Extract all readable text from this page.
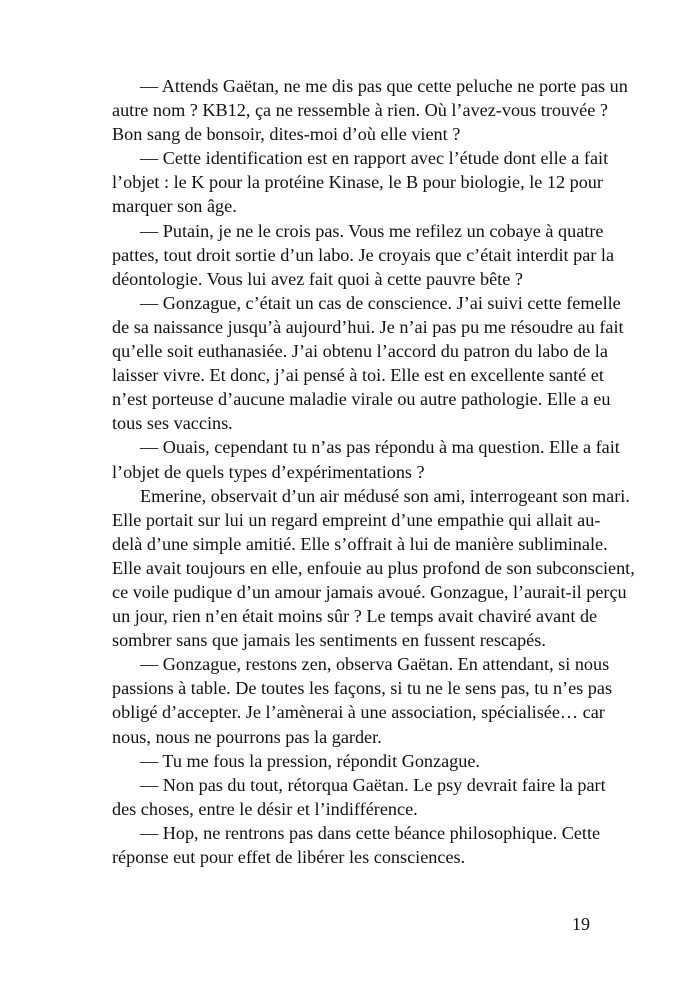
— Attends Gaëtan, ne me dis pas que cette peluche ne porte pas un
autre nom ? KB12, ça ne ressemble à rien. Où l’avez-vous trouvée ?
Bon sang de bonsoir, dites-moi d’où elle vient ?
— Cette identification est en rapport avec l’étude dont elle a fait
l’objet : le K pour la protéine Kinase, le B pour biologie, le 12 pour
marquer son âge.
— Putain, je ne le crois pas. Vous me refilez un cobaye à quatre
pattes, tout droit sortie d’un labo. Je croyais que c’était interdit par la
déontologie. Vous lui avez fait quoi à cette pauvre bête ?
— Gonzague, c’était un cas de conscience. J’ai suivi cette femelle
de sa naissance jusqu’à aujourd’hui. Je n’ai pas pu me résoudre au fait
qu’elle soit euthanasiée. J’ai obtenu l’accord du patron du labo de la
laisser vivre. Et donc, j’ai pensé à toi. Elle est en excellente santé et
n’est porteuse d’aucune maladie virale ou autre pathologie. Elle a eu
tous ses vaccins.
— Ouais, cependant tu n’as pas répondu à ma question. Elle a fait
l’objet de quels types d’expérimentations ?
Emerine, observait d’un air médusé son ami, interrogeant son mari.
Elle portait sur lui un regard empreint d’une empathie qui allait au-
delà d’une simple amitié. Elle s’offrait à lui de manière subliminale.
Elle avait toujours en elle, enfouie au plus profond de son subconscient,
ce voile pudique d’un amour jamais avoué. Gonzague, l’aurait-il perçu
un jour, rien n’en était moins sûr ? Le temps avait chaviré avant de
sombrer sans que jamais les sentiments en fussent rescapés.
— Gonzague, restons zen, observa Gaëtan. En attendant, si nous
passions à table. De toutes les façons, si tu ne le sens pas, tu n’es pas
obligé d’accepter. Je l’amènerai à une association, spécialisée… car
nous, nous ne pourrons pas la garder.
— Tu me fous la pression, répondit Gonzague.
— Non pas du tout, rétorqua Gaëtan. Le psy devrait faire la part
des choses, entre le désir et l’indifférence.
— Hop, ne rentrons pas dans cette béance philosophique. Cette
réponse eut pour effet de libérer les consciences.
19
